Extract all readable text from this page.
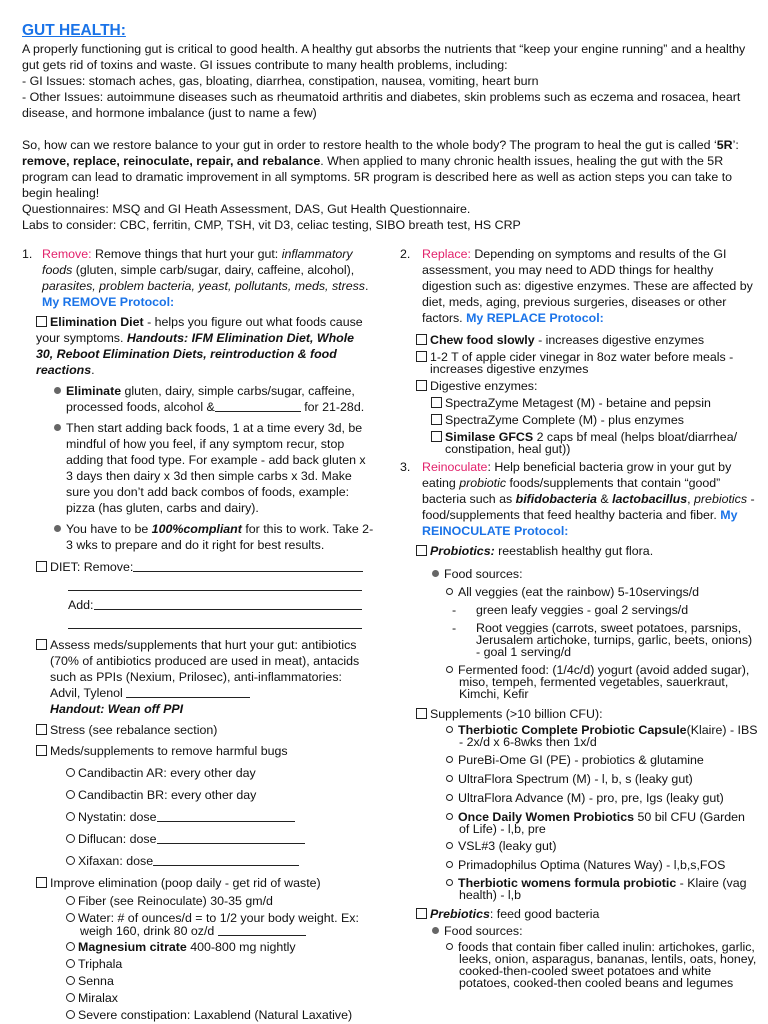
GUT HEALTH:

A properly functioning gut is critical to good health. A healthy gut absorbs the nutrients that “keep your engine running” and a healthy gut gets rid of toxins and waste. GI issues contribute to many health problems, including:

- GI Issues: stomach aches, gas, bloating, diarrhea, constipation, nausea, vomiting, heart burn

- Other Issues: autoimmune diseases such as rheumatoid arthritis and diabetes, skin problems such as eczema and rosacea, heart disease, and hormone imbalance (just to name a few)

So, how can we restore balance to your gut in order to restore health to the whole body? The program to heal the gut is called ‘5R’: remove, replace, reinoculate, repair, and rebalance. When applied to many chronic health issues, healing the gut with the 5R program can lead to dramatic improvement in all symptoms. 5R program is described here as well as action steps you can take to begin healing!

Questionnaires: MSQ and GI Heath Assessment, DAS, Gut Health Questionnaire.

Labs to consider: CBC, ferritin, CMP, TSH, vit D3, celiac testing, SIBO breath test, HS CRP

1. Remove: Remove things that hurt your gut: inflammatory foods (gluten, simple carb/sugar, dairy, caffeine, alcohol), parasites, problem bacteria, yeast, pollutants, meds, stress. My REMOVE Protocol:
Elimination Diet - helps you figure out what foods cause your symptoms. Handouts: IFM Elimination Diet, Whole 30, Reboot Elimination Diets, reintroduction & food reactions.
Eliminate gluten, dairy, simple carbs/sugar, caffeine, processed foods, alcohol &	for 21-28d.
Then start adding back foods, 1 at a time every 3d, be mindful of how you feel, if any symptom recur, stop adding that food type. For example - add back gluten x 3 days then dairy x 3d then simple carbs x 3d. Make sure you don’t add back combos of foods, example: pizza (has gluten, carbs and dairy).
You have to be 100%compliant for this to work. Take 2-3 wks to prepare and do it right for best results.
DIET: Remove:
Add:
Assess meds/supplements that hurt your gut: antibiotics (70% of antibiotics produced are used in meat), antacids such as PPIs (Nexium, Prilosec), anti-inflammatories: Advil, Tylenol
Handout: Wean off PPI
Stress (see rebalance section)
Meds/supplements to remove harmful bugs
Candibactin AR: every other day
Candibactin BR: every other day
Nystatin: dose
Diflucan: dose
Xifaxan: dose
Improve elimination (poop daily - get rid of waste)
Fiber (see Reinoculate) 30-35 gm/d
Water: # of ounces/d = to 1/2 your body weight. Ex: weigh 160, drink 80 oz/d
Magnesium citrate 400-800 mg nightly
Triphala
Senna
Miralax
Severe constipation: Laxablend (Natural Laxative)
2. Replace: Depending on symptoms and results of the GI assessment, you may need to ADD things for healthy digestion such as: digestive enzymes. These are affected by diet, meds, aging, previous surgeries, diseases or other factors. My REPLACE Protocol:
Chew food slowly - increases digestive enzymes
1-2 T of apple cider vinegar in 8oz water before meals - increases digestive enzymes
Digestive enzymes:
SpectraZyme Metagest (M) - betaine and pepsin
SpectraZyme Complete (M) - plus enzymes
Similase GFCS 2 caps bf meal (helps bloat/diarrhea/ constipation, heal gut))
3. Reinoculate: Help beneficial bacteria grow in your gut by eating probiotic foods/supplements that contain “good” bacteria such as bifidobacteria & lactobacillus, prebiotics - food/supplements that feed healthy bacteria and fiber. My REINOCULATE Protocol:
Probiotics: reestablish healthy gut flora.
Food sources:
All veggies (eat the rainbow) 5-10servings/d
- green leafy veggies - goal 2 servings/d
- Root veggies (carrots, sweet potatoes, parsnips, Jerusalem artichoke, turnips, garlic, beets, onions) - goal 1 serving/d
Fermented food: (1/4c/d) yogurt (avoid added sugar), miso, tempeh, fermented vegetables, sauerkraut, Kimchi, Kefir
Supplements (>10 billion CFU):
Therbiotic Complete Probiotic Capsule(Klaire) - IBS - 2x/d x 6-8wks then 1x/d
PureBi-Ome GI (PE) - probiotics & glutamine
UltraFlora Spectrum (M) - l, b, s (leaky gut)
UltraFlora Advance (M) - pro, pre, Igs (leaky gut)
Once Daily Women Probiotics 50 bil CFU (Garden of Life) - l,b, pre
VSL#3 (leaky gut)
Primadophilus Optima (Natures Way) - l,b,s,FOS
Therbiotic womens formula probiotic - Klaire (vag health) - l,b
Prebiotics: feed good bacteria
Food sources:
foods that contain fiber called inulin: artichokes, garlic, leeks, onion, asparagus, bananas, lentils, oats, honey, cooked-then-cooled sweet potatoes and white potatoes, cooked-then cooled beans and legumes
